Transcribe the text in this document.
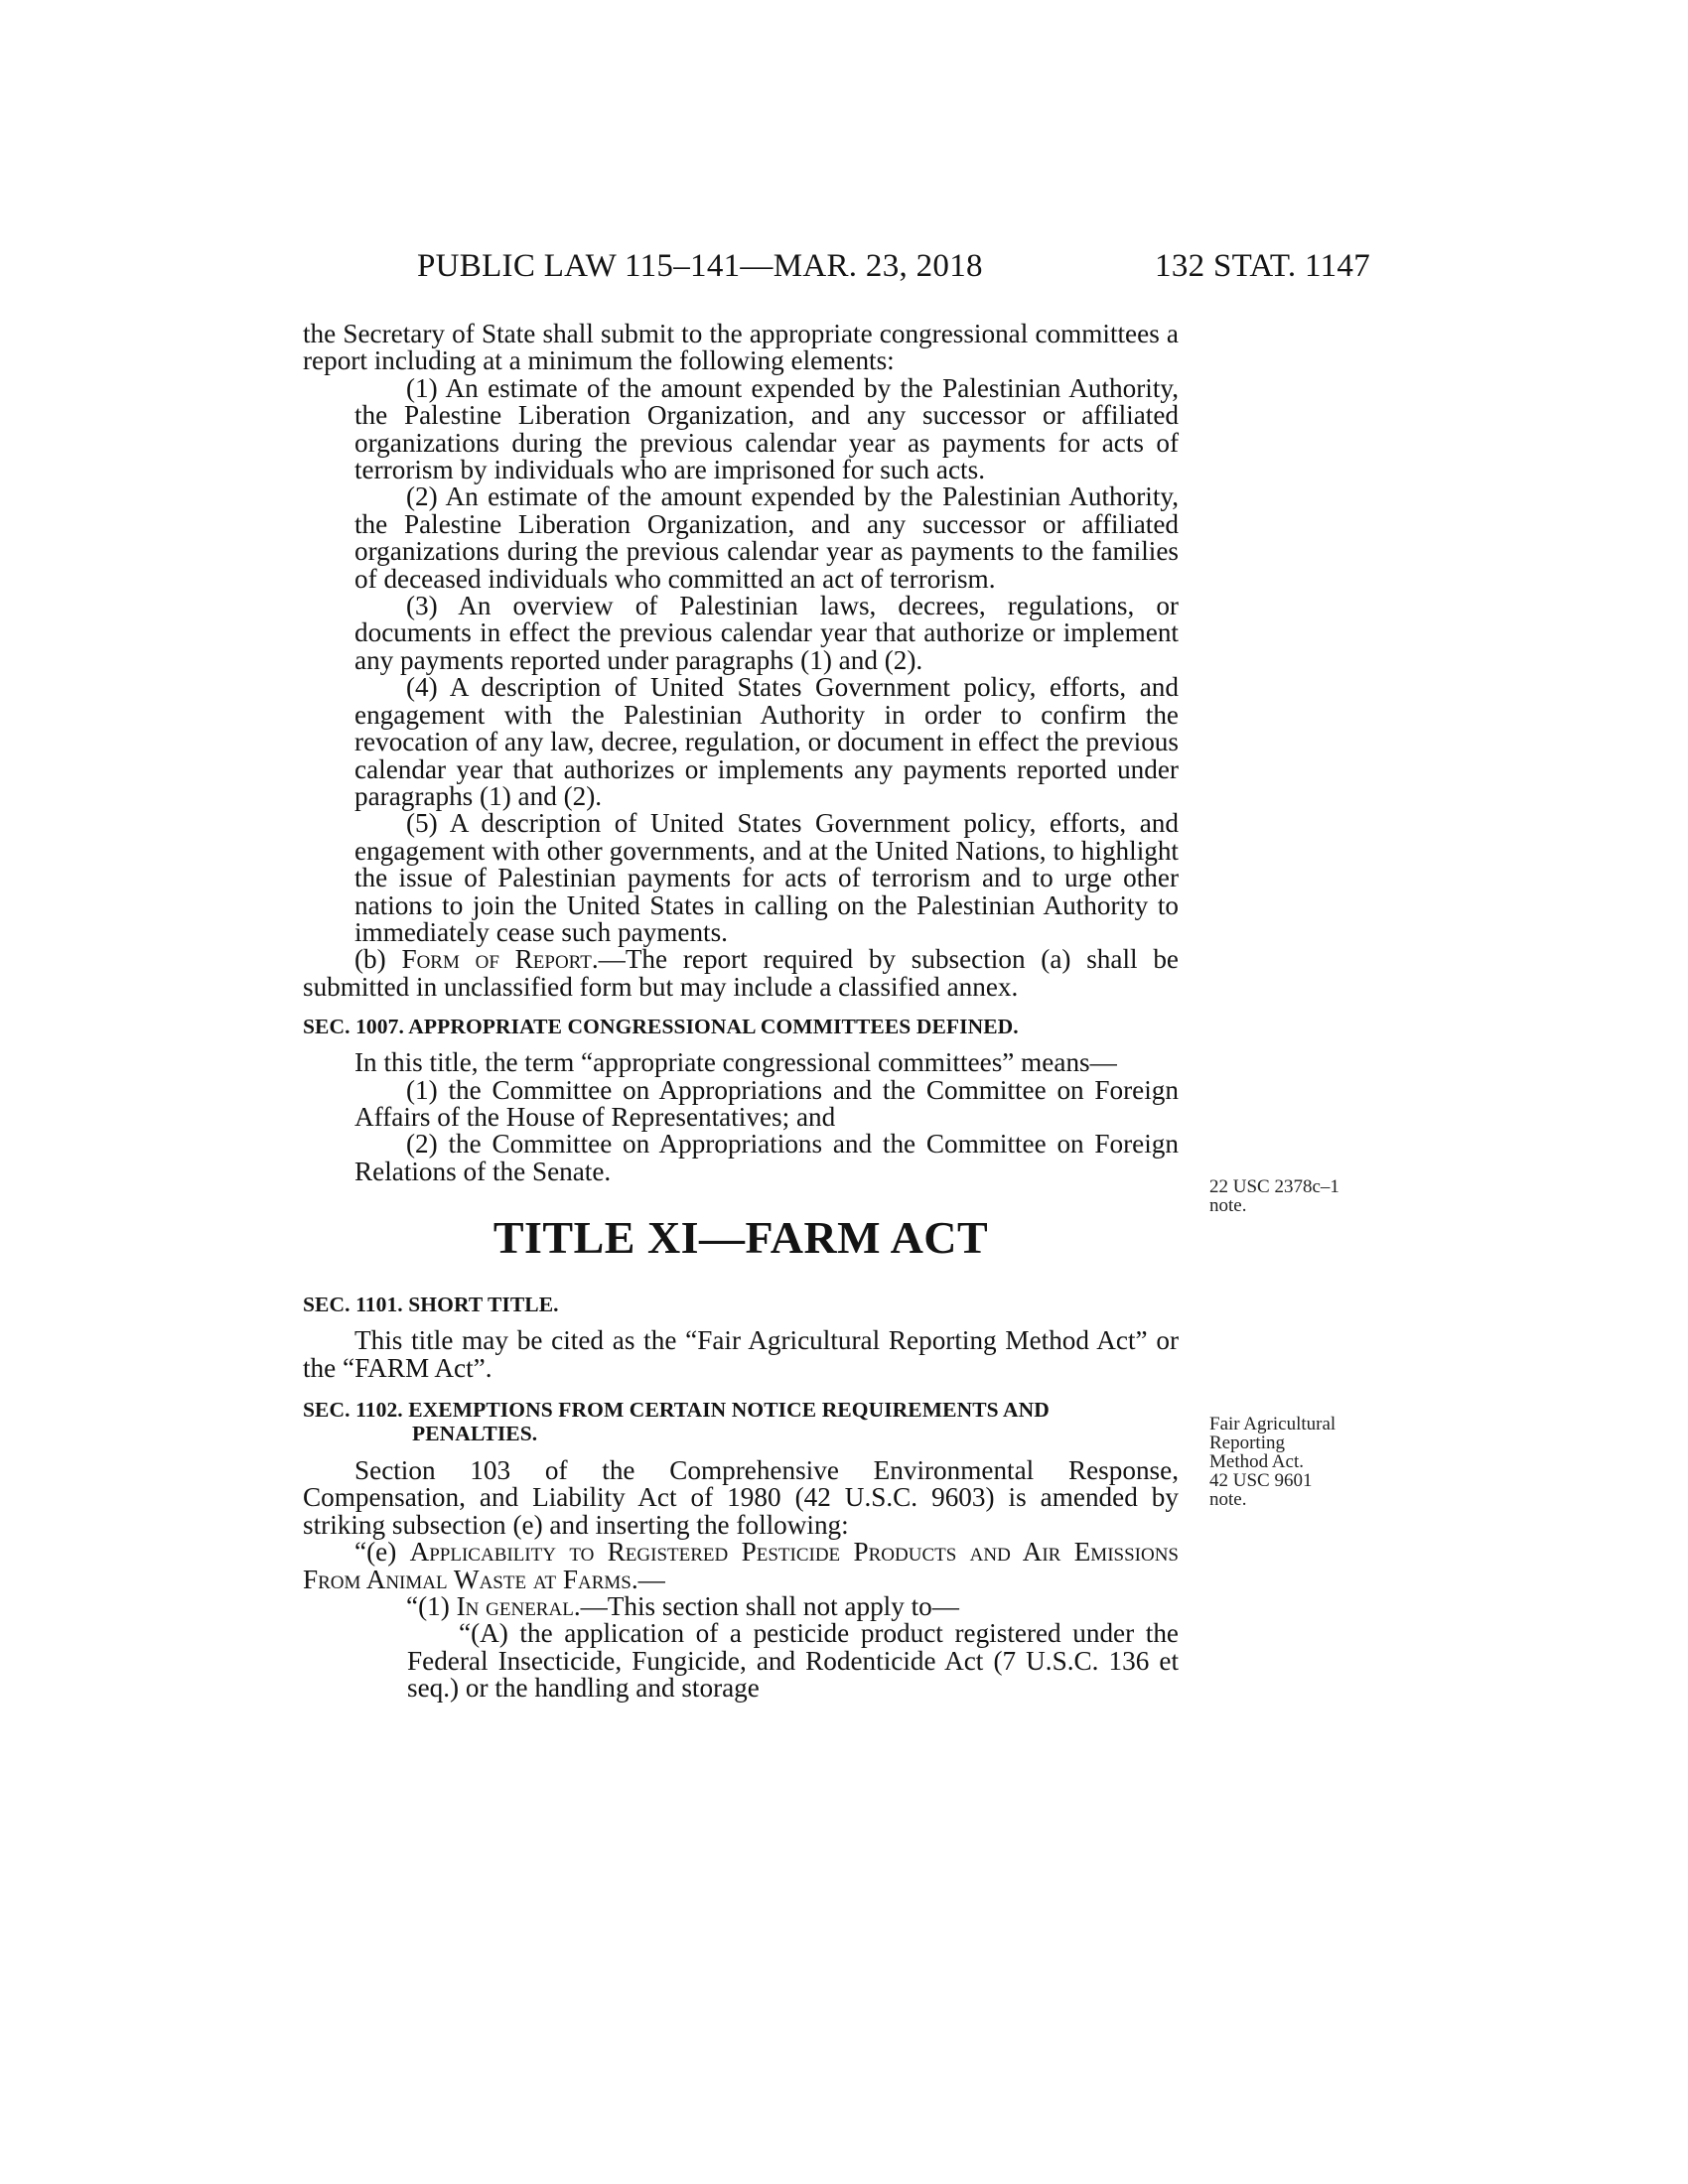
PUBLIC LAW 115–141—MAR. 23, 2018	132 STAT. 1147

the Secretary of State shall submit to the appropriate congressional committees a report including at a minimum the following elements:

(1) An estimate of the amount expended by the Palestinian Authority, the Palestine Liberation Organization, and any successor or affiliated organizations during the previous calendar year as payments for acts of terrorism by individuals who are imprisoned for such acts.

(2) An estimate of the amount expended by the Palestinian Authority, the Palestine Liberation Organization, and any successor or affiliated organizations during the previous calendar year as payments to the families of deceased individuals who committed an act of terrorism.

(3) An overview of Palestinian laws, decrees, regulations, or documents in effect the previous calendar year that authorize or implement any payments reported under paragraphs (1) and (2).

(4) A description of United States Government policy, efforts, and engagement with the Palestinian Authority in order to confirm the revocation of any law, decree, regulation, or document in effect the previous calendar year that authorizes or implements any payments reported under paragraphs (1) and (2).

(5) A description of United States Government policy, efforts, and engagement with other governments, and at the United Nations, to highlight the issue of Palestinian payments for acts of terrorism and to urge other nations to join the United States in calling on the Palestinian Authority to immediately cease such payments.

(b) Form of Report.—The report required by subsection (a) shall be submitted in unclassified form but may include a classified annex.

SEC. 1007. APPROPRIATE CONGRESSIONAL COMMITTEES DEFINED.

In this title, the term “appropriate congressional committees” means—

(1) the Committee on Appropriations and the Committee on Foreign Affairs of the House of Representatives; and

(2) the Committee on Appropriations and the Committee on Foreign Relations of the Senate.

TITLE XI—FARM ACT

SEC. 1101. SHORT TITLE.

This title may be cited as the “Fair Agricultural Reporting Method Act” or the “FARM Act”.

SEC. 1102. EXEMPTIONS FROM CERTAIN NOTICE REQUIREMENTS AND PENALTIES.

Section 103 of the Comprehensive Environmental Response, Compensation, and Liability Act of 1980 (42 U.S.C. 9603) is amended by striking subsection (e) and inserting the following:

“(e) Applicability to Registered Pesticide Products and Air Emissions From Animal Waste at Farms.—

“(1) In general.—This section shall not apply to—

“(A) the application of a pesticide product registered under the Federal Insecticide, Fungicide, and Rodenticide Act (7 U.S.C. 136 et seq.) or the handling and storage

22 USC 2378c–1
note.
Fair Agricultural
Reporting
Method Act.
42 USC 9601
note.
